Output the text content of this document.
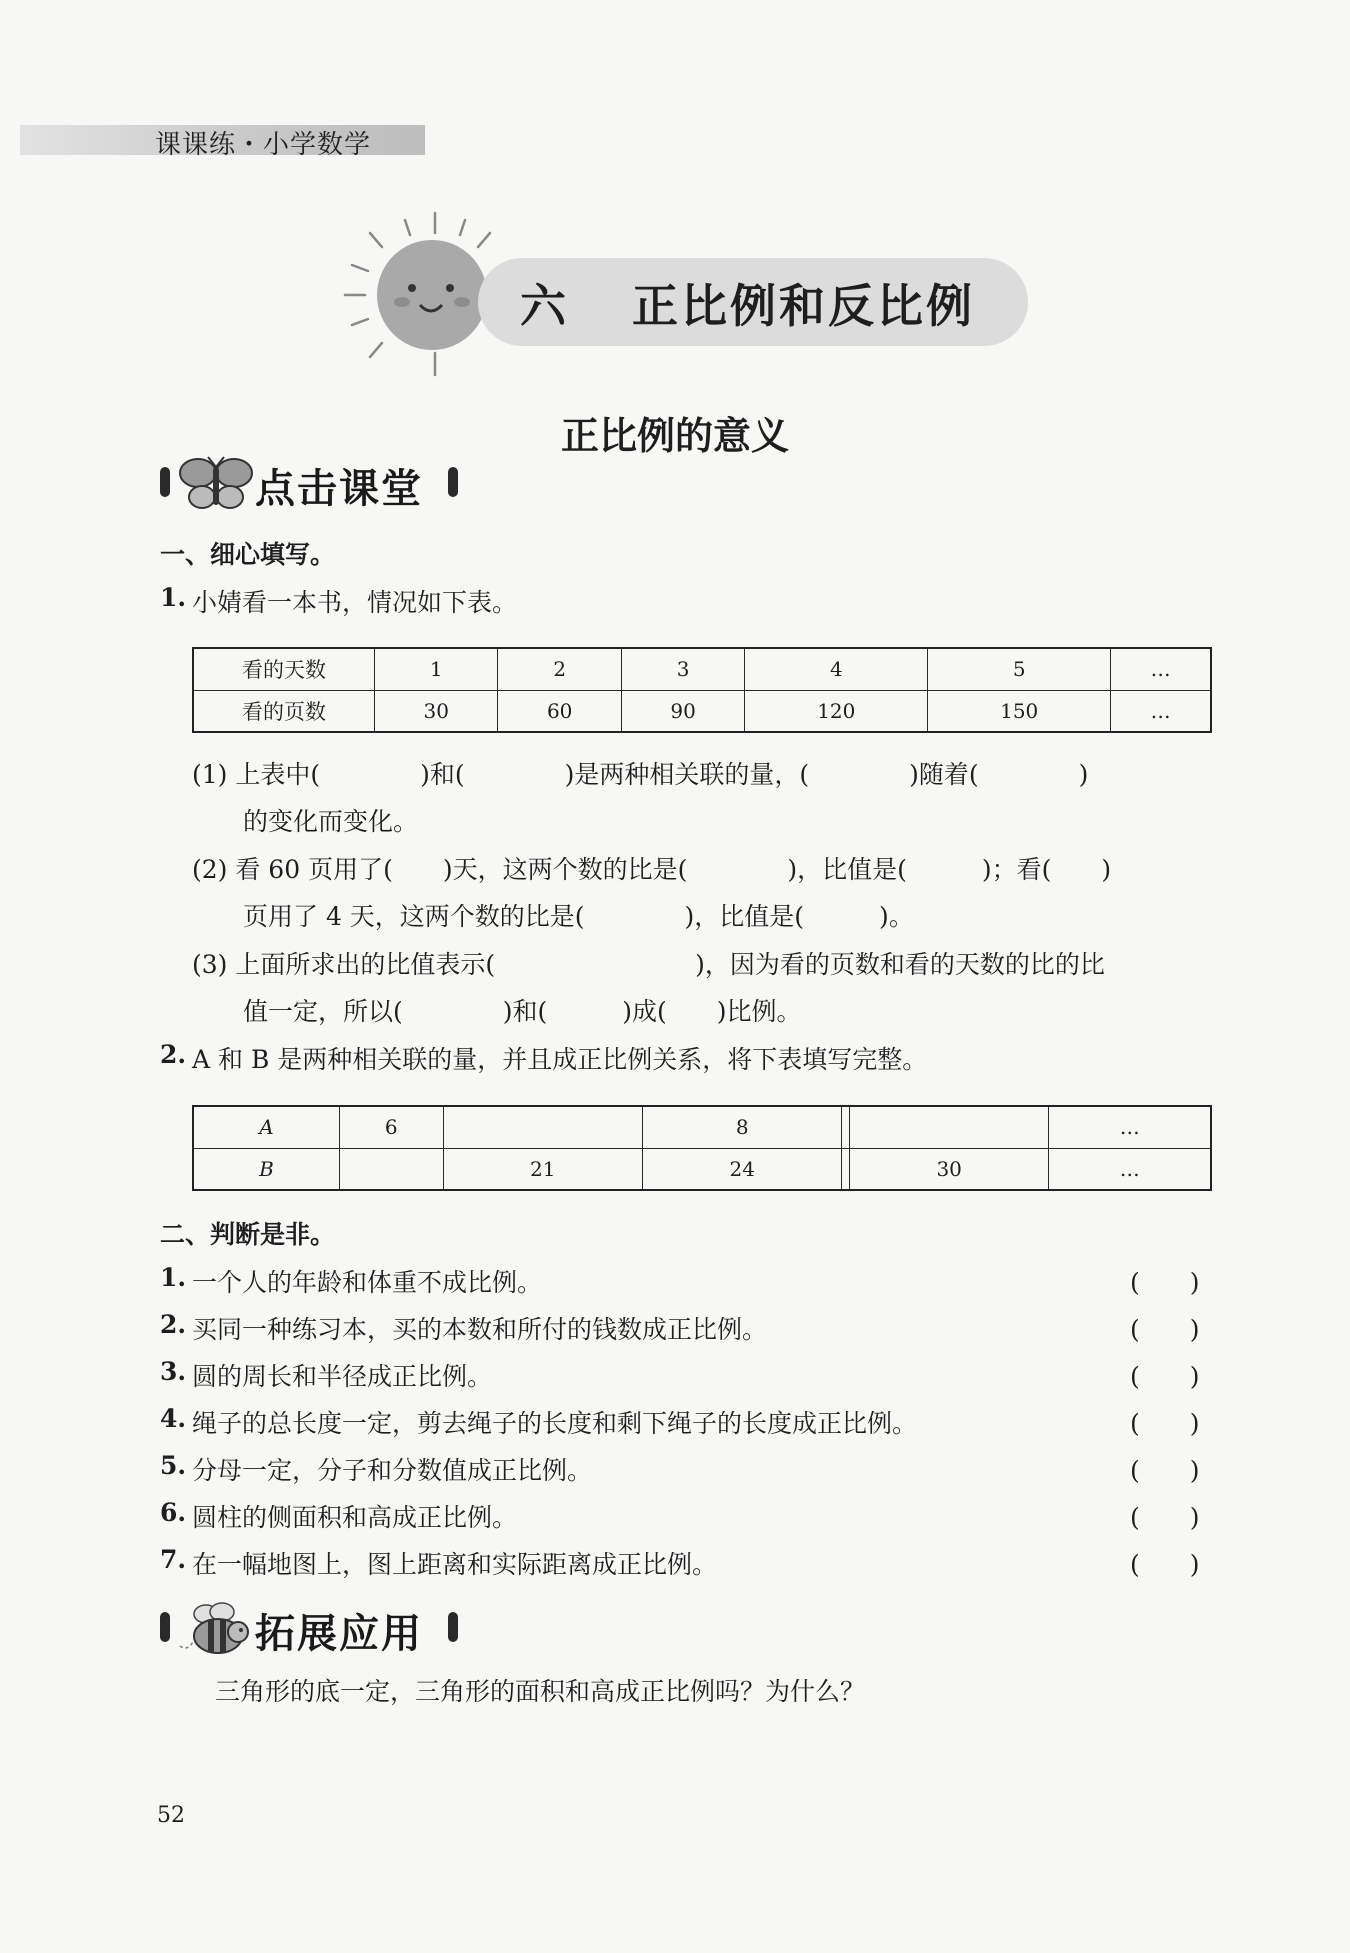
课课练・小学数学
六 正比例和反比例
正比例的意义
点击课堂
一、细心填写。
1. 小婧看一本书，情况如下表。
看的天数	1	2	3	4	5	…
看的页数	30	60	90	120	150	…
(1) 上表中(　　　　)和(　　　　)是两种相关联的量，(　　　　)随着(　　　　)
的变化而变化。
(2) 看 60 页用了(　　)天，这两个数的比是(　　　　)，比值是(　　　)；看(　　)
页用了 4 天，这两个数的比是(　　　　)，比值是(　　　)。
(3) 上面所求出的比值表示(　　　　　　　　)，因为看的页数和看的天数的比的比
值一定，所以(　　　　)和(　　　)成(　　)比例。
2. A 和 B 是两种相关联的量，并且成正比例关系，将下表填写完整。
A	6		8			…
B		21	24		30	…
二、判断是非。
1. 一个人的年龄和体重不成比例。	(　　)
2. 买同一种练习本，买的本数和所付的钱数成正比例。	(　　)
3. 圆的周长和半径成正比例。	(　　)
4. 绳子的总长度一定，剪去绳子的长度和剩下绳子的长度成正比例。	(　　)
5. 分母一定，分子和分数值成正比例。	(　　)
6. 圆柱的侧面积和高成正比例。	(　　)
7. 在一幅地图上，图上距离和实际距离成正比例。	(　　)
拓展应用
三角形的底一定，三角形的面积和高成正比例吗？为什么？
52
